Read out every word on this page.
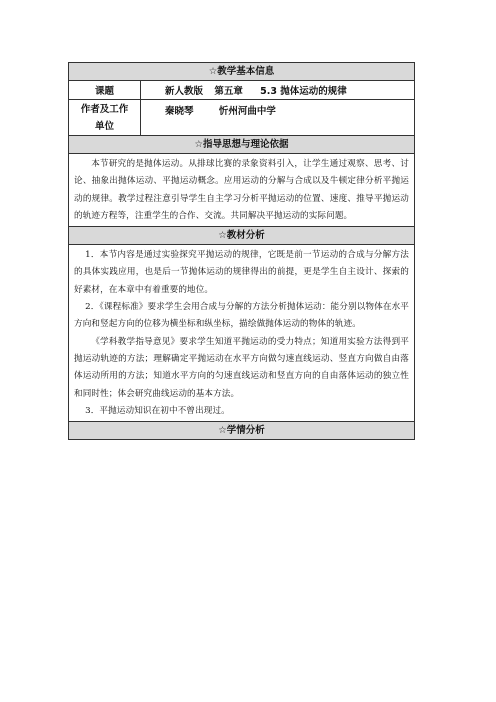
☆教学基本信息	
课题	新人教版 第五章 5.3 抛体运动的规律

作者及工作
单位	秦晓琴 忻州河曲中学
☆指导思想与理论依据	

本节研究的是抛体运动。从排球比赛的录象资料引入，让学生通过观察、思考、讨论、抽象出抛体运动、平抛运动概念。应用运动的分解与合成以及牛顿定律分析平抛运动的规律。教学过程注意引导学生自主学习分析平抛运动的位置、速度、推导平抛运动的轨迹方程等，注重学生的合作、交流。共同解决平抛运动的实际问题。	

☆教材分析	

1．本节内容是通过实验探究平抛运动的规律，它既是前一节运动的合成与分解方法的具体实践应用，也是后一节抛体运动的规律得出的前提，更是学生自主设计、探索的好素材，在本章中有着重要的地位。

2．《课程标准》要求学生会用合成与分解的方法分析抛体运动：能分别以物体在水平方向和竖起方向的位移为横坐标和纵坐标，描绘做抛体运动的物体的轨迹。

《学科教学指导意见》要求学生知道平抛运动的受力特点；知道用实验方法得到平抛运动轨迹的方法；理解确定平抛运动在水平方向做匀速直线运动、竖直方向做自由落体运动所用的方法；知道水平方向的匀速直线运动和竖直方向的自由落体运动的独立性和同时性；体会研究曲线运动的基本方法。

3．平抛运动知识在初中不曾出现过。	

☆学情分析	
